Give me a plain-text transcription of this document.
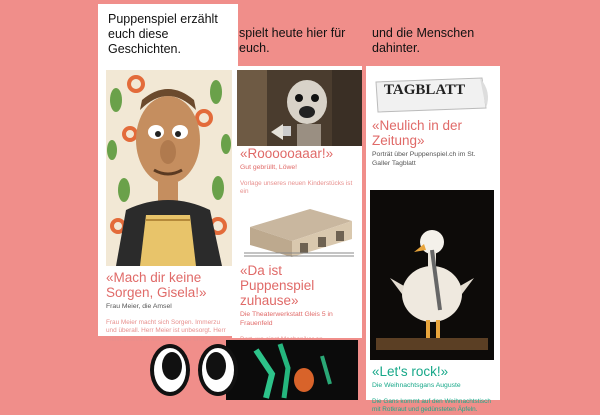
Puppenspiel erzählt euch diese Geschichten.
spielt heute hier für euch.
und die Menschen dahinter.

«Mach dir keine Sorgen, Gisela!»

Frau Meier, die Amsel

Frau Meier macht sich Sorgen. Immerzu und überall. Herr Meier ist unbesorgt. Herr Meier bastelt in seiner Garage und liebt

«Roooooaaar!»

Gut gebrüllt, Löwe!

Vorlage unseres neuen Kinderstücks ist ein

«Da ist Puppenspiel zuhause»

Die Theaterwerkstatt Gleis 5 in Frauenfeld

TAGBLATT

«Neulich in der Zeitung»

Porträt über Puppenspiel.ch im St. Galler Tagblatt

«Let's rock!»

Die Weihnachtsgans Auguste

Die Gans kommt auf den Weihnachtstisch mit Rotkraut und gedünsteten Äpfeln.
